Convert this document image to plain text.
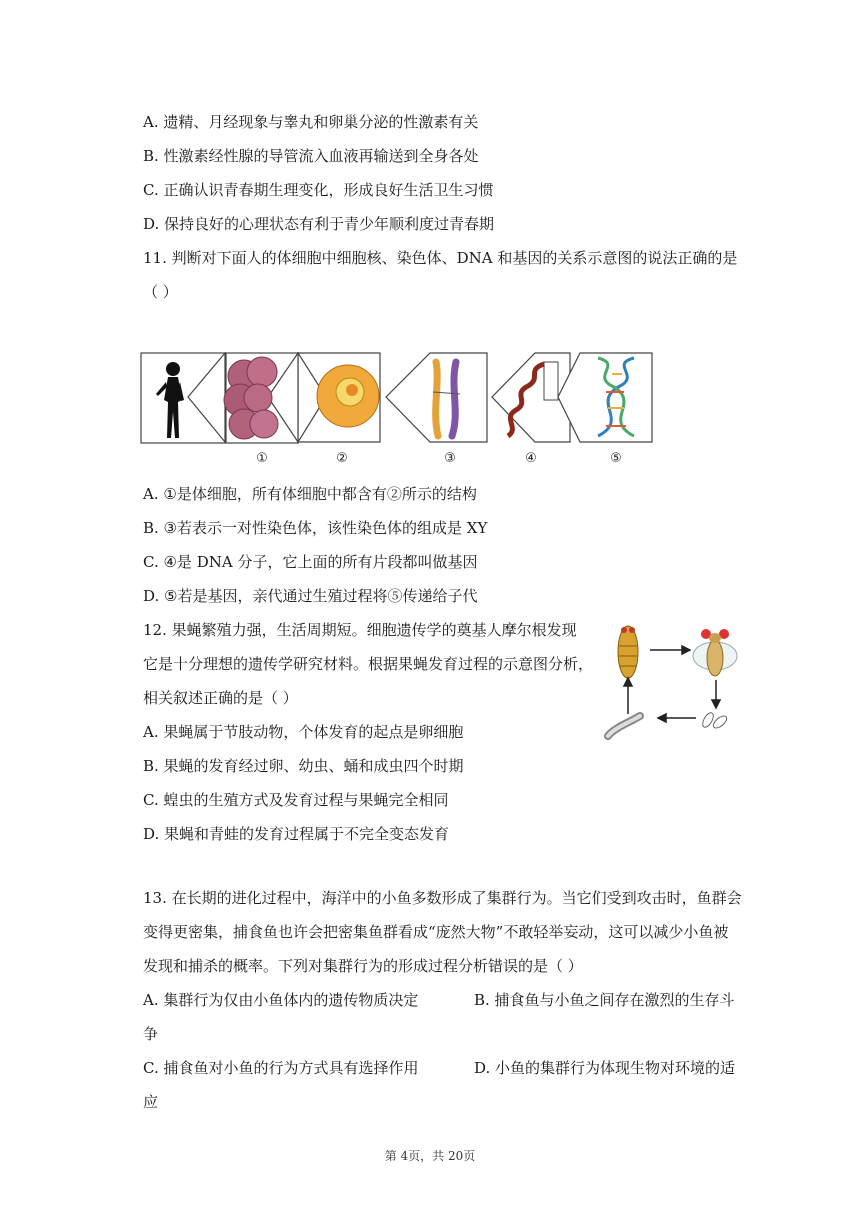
A. 遗精、月经现象与睾丸和卵巢分泌的性激素有关
B. 性激素经性腺的导管流入血液再输送到全身各处
C. 正确认识青春期生理变化，形成良好生活卫生习惯
D. 保持良好的心理状态有利于青少年顺利度过青春期
11. 判断对下面人的体细胞中细胞核、染色体、DNA 和基因的关系示意图的说法正确的是
（ ）
①	②	③	④	⑤
A. ①是体细胞，所有体细胞中都含有②所示的结构
B. ③若表示一对性染色体，该性染色体的组成是 XY
C. ④是 DNA 分子，它上面的所有片段都叫做基因
D. ⑤若是基因，亲代通过生殖过程将⑤传递给子代
12. 果蝇繁殖力强，生活周期短。细胞遗传学的奠基人摩尔根发现
它是十分理想的遗传学研究材料。根据果蝇发育过程的示意图分析，
相关叙述正确的是（ ）
A. 果蝇属于节肢动物，个体发育的起点是卵细胞
B. 果蝇的发育经过卵、幼虫、蛹和成虫四个时期
C. 蝗虫的生殖方式及发育过程与果蝇完全相同
D. 果蝇和青蛙的发育过程属于不完全变态发育
13. 在长期的进化过程中，海洋中的小鱼多数形成了集群行为。当它们受到攻击时，鱼群会
变得更密集，捕食鱼也许会把密集鱼群看成“庞然大物”不敢轻举妄动，这可以减少小鱼被
发现和捕杀的概率。下列对集群行为的形成过程分析错误的是（ ）
A. 集群行为仅由小鱼体内的遗传物质决定	B. 捕食鱼与小鱼之间存在激烈的生存斗
争
C. 捕食鱼对小鱼的行为方式具有选择作用	D. 小鱼的集群行为体现生物对环境的适
应
第 4页，共 20页
